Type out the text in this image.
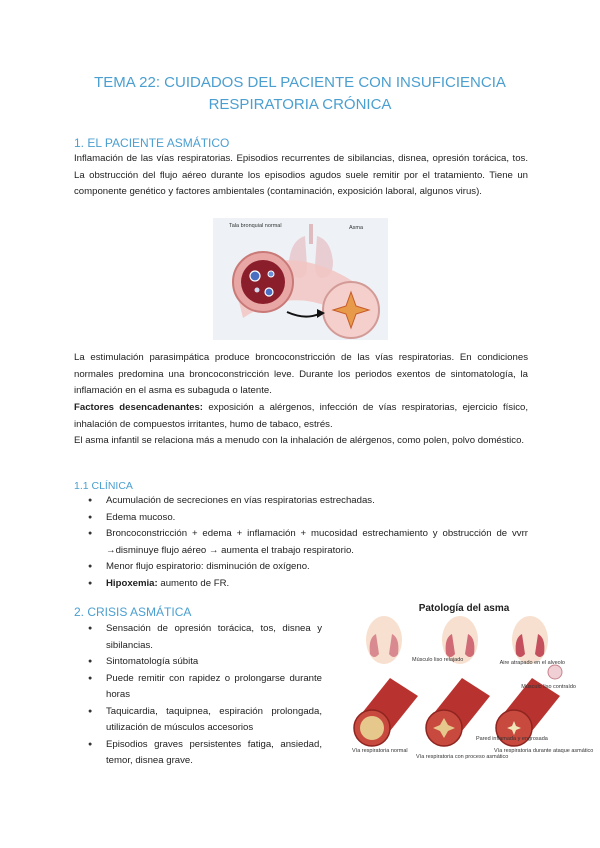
TEMA 22: CUIDADOS DEL PACIENTE CON INSUFICIENCIA
RESPIRATORIA CRÓNICA
1. EL PACIENTE ASMÁTICO
Inflamación de las vías respiratorias. Episodios recurrentes de sibilancias, disnea, opresión torácica, tos. La obstrucción del flujo aéreo durante los episodios agudos suele remitir por el tratamiento. Tiene un componente genético y factores ambientales (contaminación, exposición laboral, algunos virus).
Tala bronquial normal	Asma
La estimulación parasimpática produce broncoconstricción de las vías respiratorias. En condiciones normales predomina una broncoconstricción leve. Durante los periodos exentos de sintomatología, la inflamación en el asma es subaguda o latente.
Factores desencadenantes: exposición a alérgenos, infección de vías respiratorias, ejercicio físico, inhalación de compuestos irritantes, humo de tabaco, estrés.
El asma infantil se relaciona más a menudo con la inhalación de alérgenos, como polen, polvo doméstico.
1.1 CLÍNICA
● Acumulación de secreciones en vías respiratorias estrechadas.
● Edema mucoso.
● Broncoconstricción + edema + inflamación + mucosidad estrechamiento y obstrucción de vvrr →disminuye flujo aéreo → aumenta el trabajo respiratorio.
● Menor flujo espiratorio: disminución de oxígeno.
● Hipoxemia: aumento de FR.
2. CRISIS ASMÁTICA
● Sensación de opresión torácica, tos, disnea y sibilancias.
● Sintomatología súbita
● Puede remitir con rapidez o prolongarse durante horas
● Taquicardia, taquipnea, espiración prolongada, utilización de músculos accesorios
● Episodios graves persistentes fatiga, ansiedad, temor, disnea grave.
Patología del asma
Músculo liso relajado	Aire atrapado en el alveolo
Músculo liso contraído
Pared inflamada y engrosada
Vía respiratoria normal
Vía respiratoria con proceso asmático
Vía respiratoria durante ataque asmático
